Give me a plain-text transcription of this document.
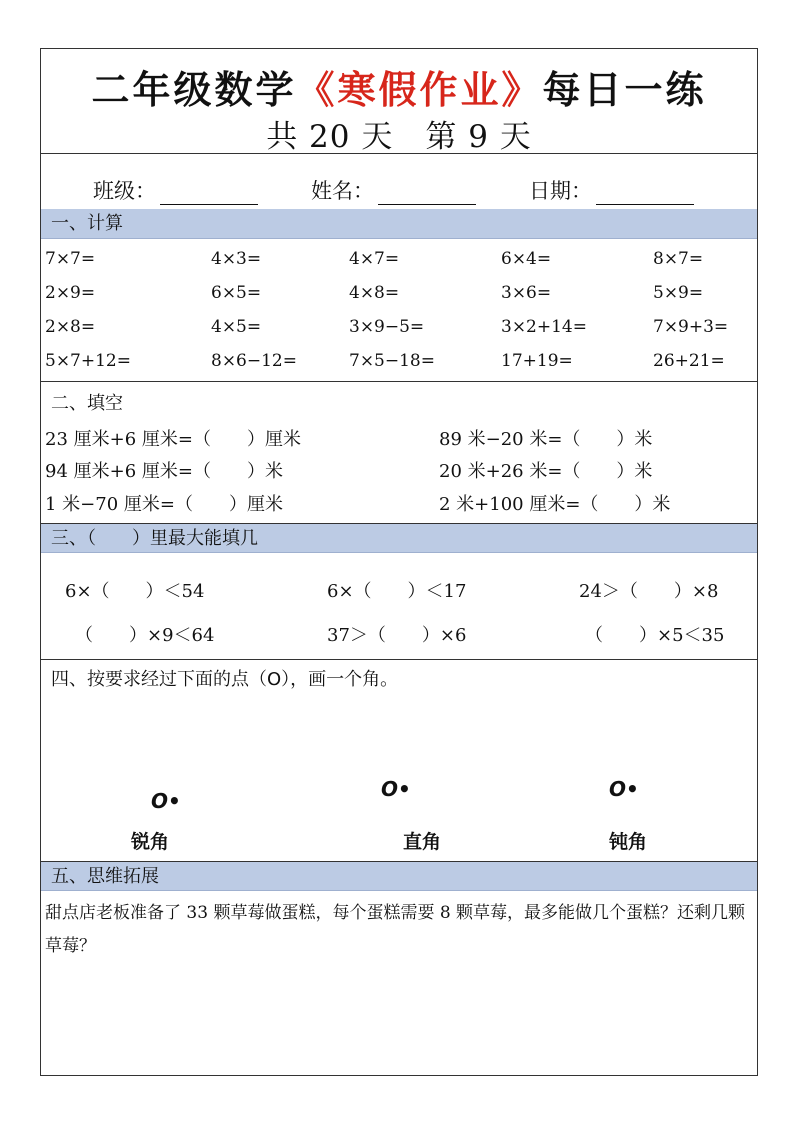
二年级数学《寒假作业》每日一练
共 20 天　第 9 天
班级：	姓名：	日期：
一、计算
7×7=	4×3=	4×7=	6×4=	8×7=
2×9=	6×5=	4×8=	3×6=	5×9=
2×8=	4×5=	3×9−5=	3×2+14=	7×9+3=
5×7+12=	8×6−12=	7×5−18=	17+19=	26+21=
二、填空
23 厘米+6 厘米=（　　）厘米	89 米−20 米=（　　）米
94 厘米+6 厘米=（　　）米	20 米+26 米=（　　）米
1 米−70 厘米=（　　）厘米	2 米+100 厘米=（　　）米
三、（　　）里最大能填几
6×（　　）＜54	6×（　　）＜17	24＞（　　）×8
（　　）×9＜64	37＞（　　）×6	（　　）×5＜35
四、按要求经过下面的点（O），画一个角。
O•
锐角
O•
直角
O•
钝角
五、思维拓展
甜点店老板准备了 33 颗草莓做蛋糕，每个蛋糕需要 8 颗草莓，最多能做几个蛋糕？还剩几颗草莓？
